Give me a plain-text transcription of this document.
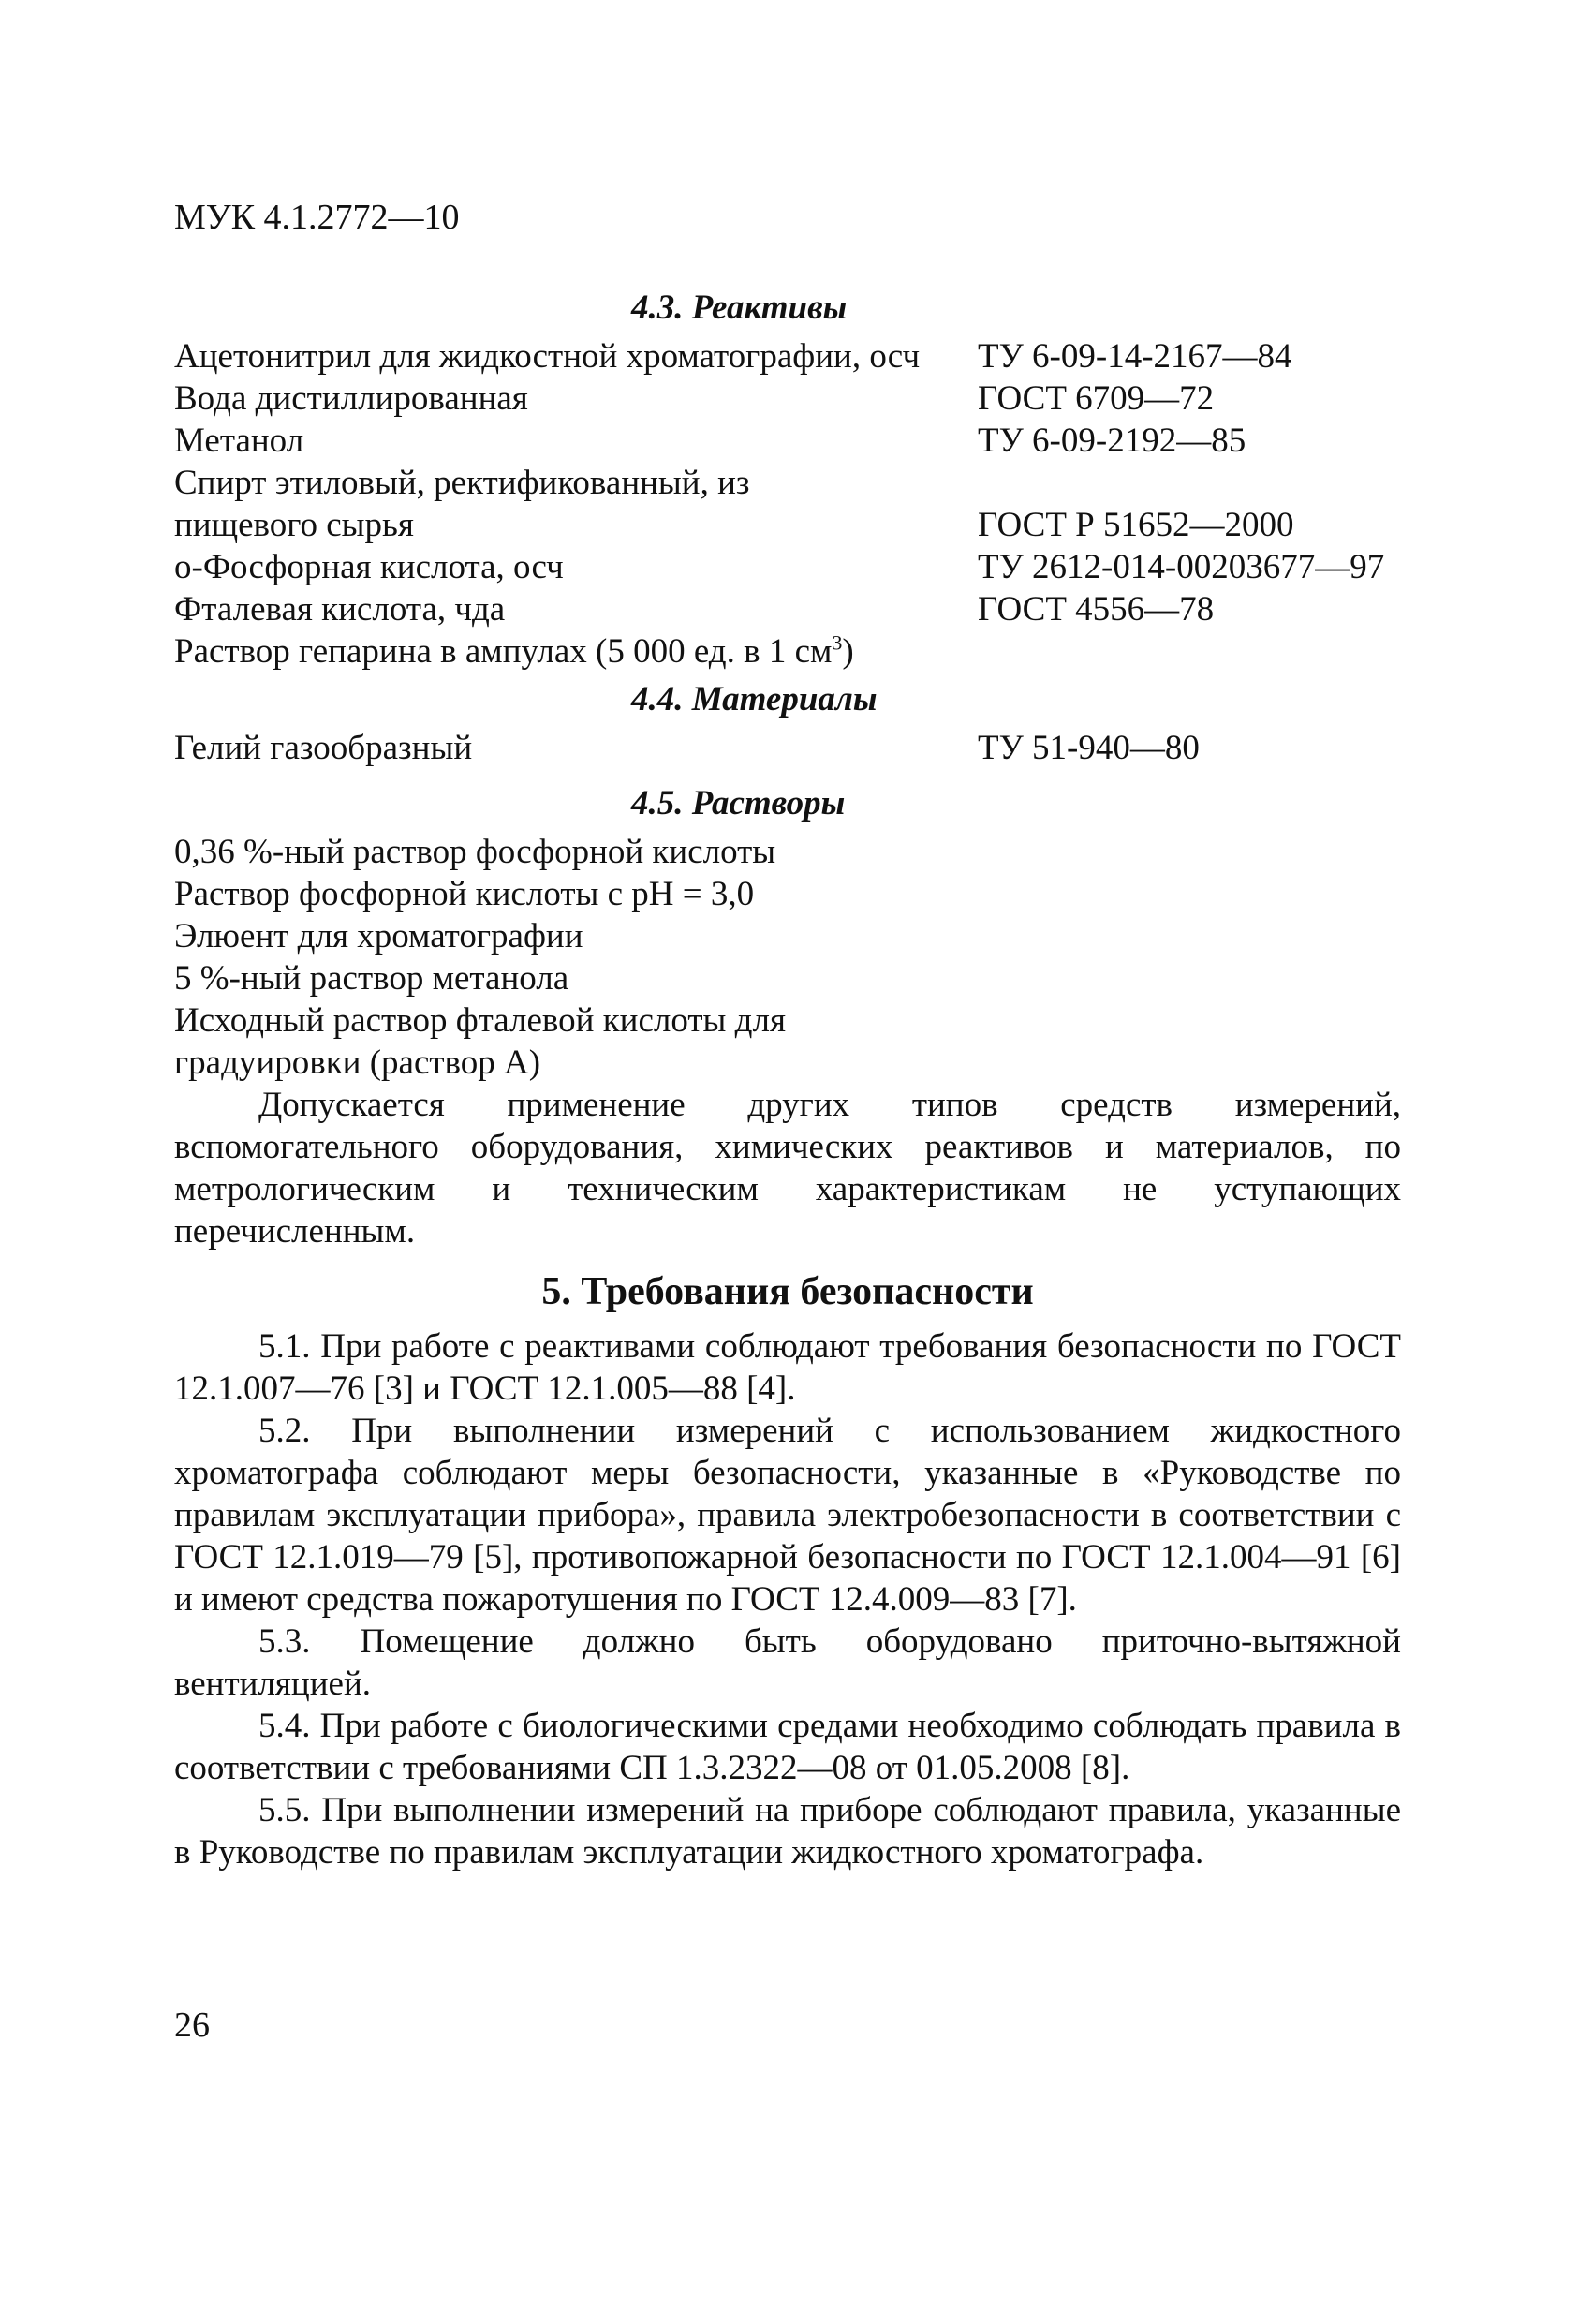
МУК 4.1.2772—10
4.3. Реактивы
Ацетонитрил для жидкостной хроматографии, осч	ТУ 6-09-14-2167—84
Вода дистиллированная	ГОСТ 6709—72
Метанол	ТУ 6-09-2192—85
Спирт этиловый, ректификованный, из
пищевого сырья	ГОСТ Р 51652—2000
о-Фосфорная кислота, осч	ТУ 2612-014-00203677—97
Фталевая кислота, чда	ГОСТ 4556—78
Раствор гепарина в ампулах (5 000 ед. в 1 $см^3$)
4.4. Материалы
Гелий газообразный	ТУ 51-940—80
4.5. Растворы
0,36 %-ный раствор фосфорной кислоты
Раствор фосфорной кислоты с pH = 3,0
Элюент для хроматографии
5 %-ный раствор метанола
Исходный раствор фталевой кислоты для
градуировки (раствор А)
Допускается применение других типов средств измерений, вспомогательного оборудования, химических реактивов и материалов, по метрологическим и техническим характеристикам не уступающих перечисленным.
5. Требования безопасности
5.1. При работе с реактивами соблюдают требования безопасности по ГОСТ 12.1.007—76 [3] и ГОСТ 12.1.005—88 [4].
5.2. При выполнении измерений с использованием жидкостного хроматографа соблюдают меры безопасности, указанные в «Руководстве по правилам эксплуатации прибора», правила электробезопасности в соответствии с ГОСТ 12.1.019—79 [5], противопожарной безопасности по ГОСТ 12.1.004—91 [6] и имеют средства пожаротушения по ГОСТ 12.4.009—83 [7].
5.3. Помещение должно быть оборудовано приточно-вытяжной вентиляцией.
5.4. При работе с биологическими средами необходимо соблюдать правила в соответствии с требованиями СП 1.3.2322—08 от 01.05.2008 [8].
5.5. При выполнении измерений на приборе соблюдают правила, указанные в Руководстве по правилам эксплуатации жидкостного хроматографа.
26
